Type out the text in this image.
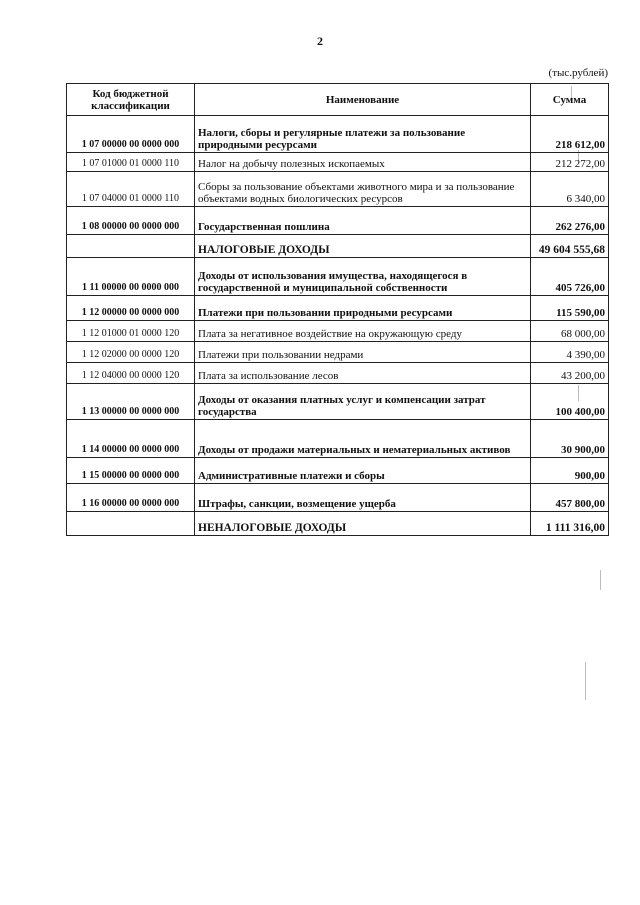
2
(тыс.рублей)
Код бюджетной классификации	Наименование	Сумма
1 07 00000 00 0000 000	Налоги, сборы и регулярные платежи за пользование природными ресурсами	218 612,00
1 07 01000 01 0000 110	Налог на добычу полезных ископаемых	212 272,00
1 07 04000 01 0000 110	Сборы за пользование объектами животного мира и за пользование объектами водных биологических ресурсов	6 340,00
1 08 00000 00 0000 000	Государственная пошлина	262 276,00
	НАЛОГОВЫЕ ДОХОДЫ	49 604 555,68
1 11 00000 00 0000 000	Доходы от использования имущества, находящегося в государственной и муниципальной собственности	405 726,00
1 12 00000 00 0000 000	Платежи при пользовании природными ресурсами	115 590,00
1 12 01000 01 0000 120	Плата за негативное воздействие на окружающую среду	68 000,00
1 12 02000 00 0000 120	Платежи при пользовании недрами	4 390,00
1 12 04000 00 0000 120	Плата за использование лесов	43 200,00
1 13 00000 00 0000 000	Доходы от оказания платных услуг и компенсации затрат государства	100 400,00
1 14 00000 00 0000 000	Доходы от продажи материальных и нематериальных активов	30 900,00
1 15 00000 00 0000 000	Административные платежи и сборы	900,00
1 16 00000 00 0000 000	Штрафы, санкции, возмещение ущерба	457 800,00
	НЕНАЛОГОВЫЕ ДОХОДЫ	1 111 316,00
